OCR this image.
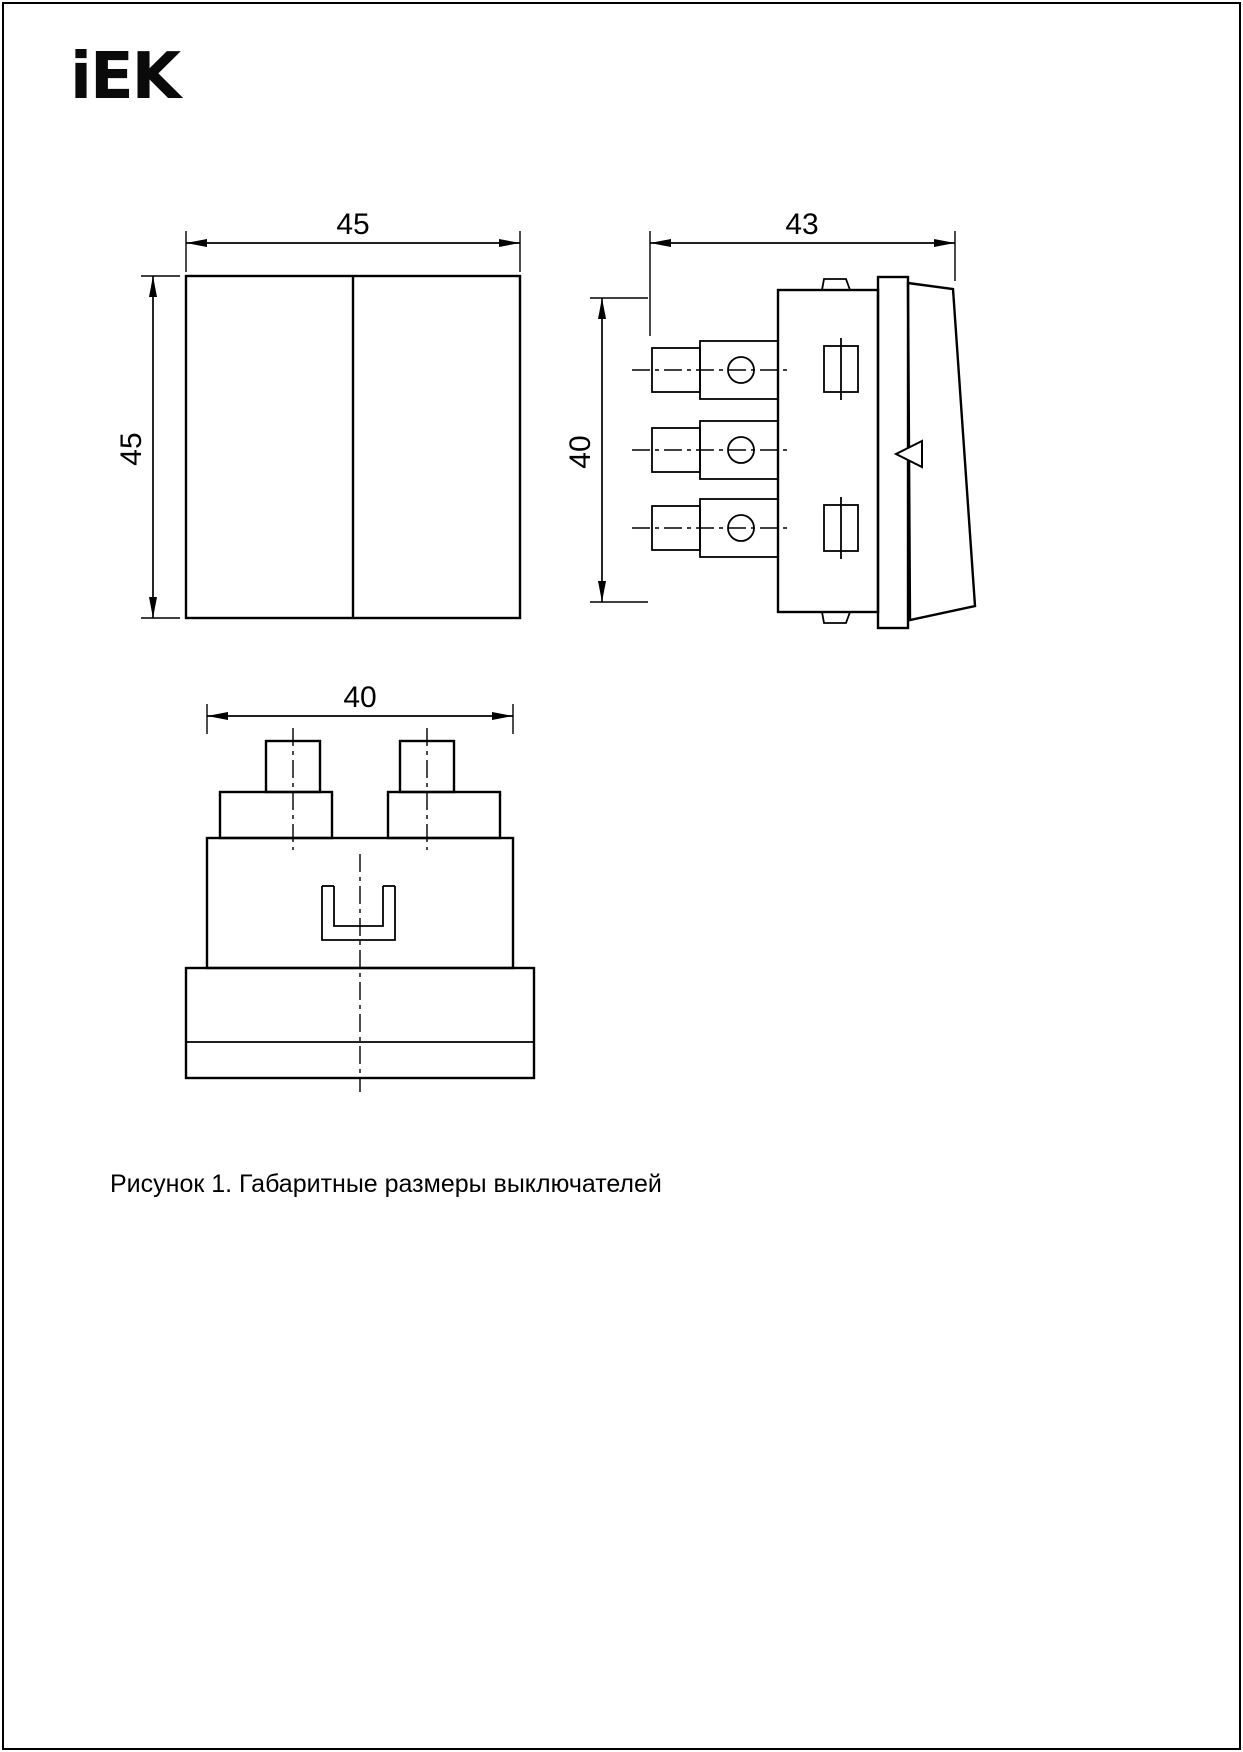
iEK
45
45
43
40
40
Рисунок 1. Габаритные размеры выключателей
